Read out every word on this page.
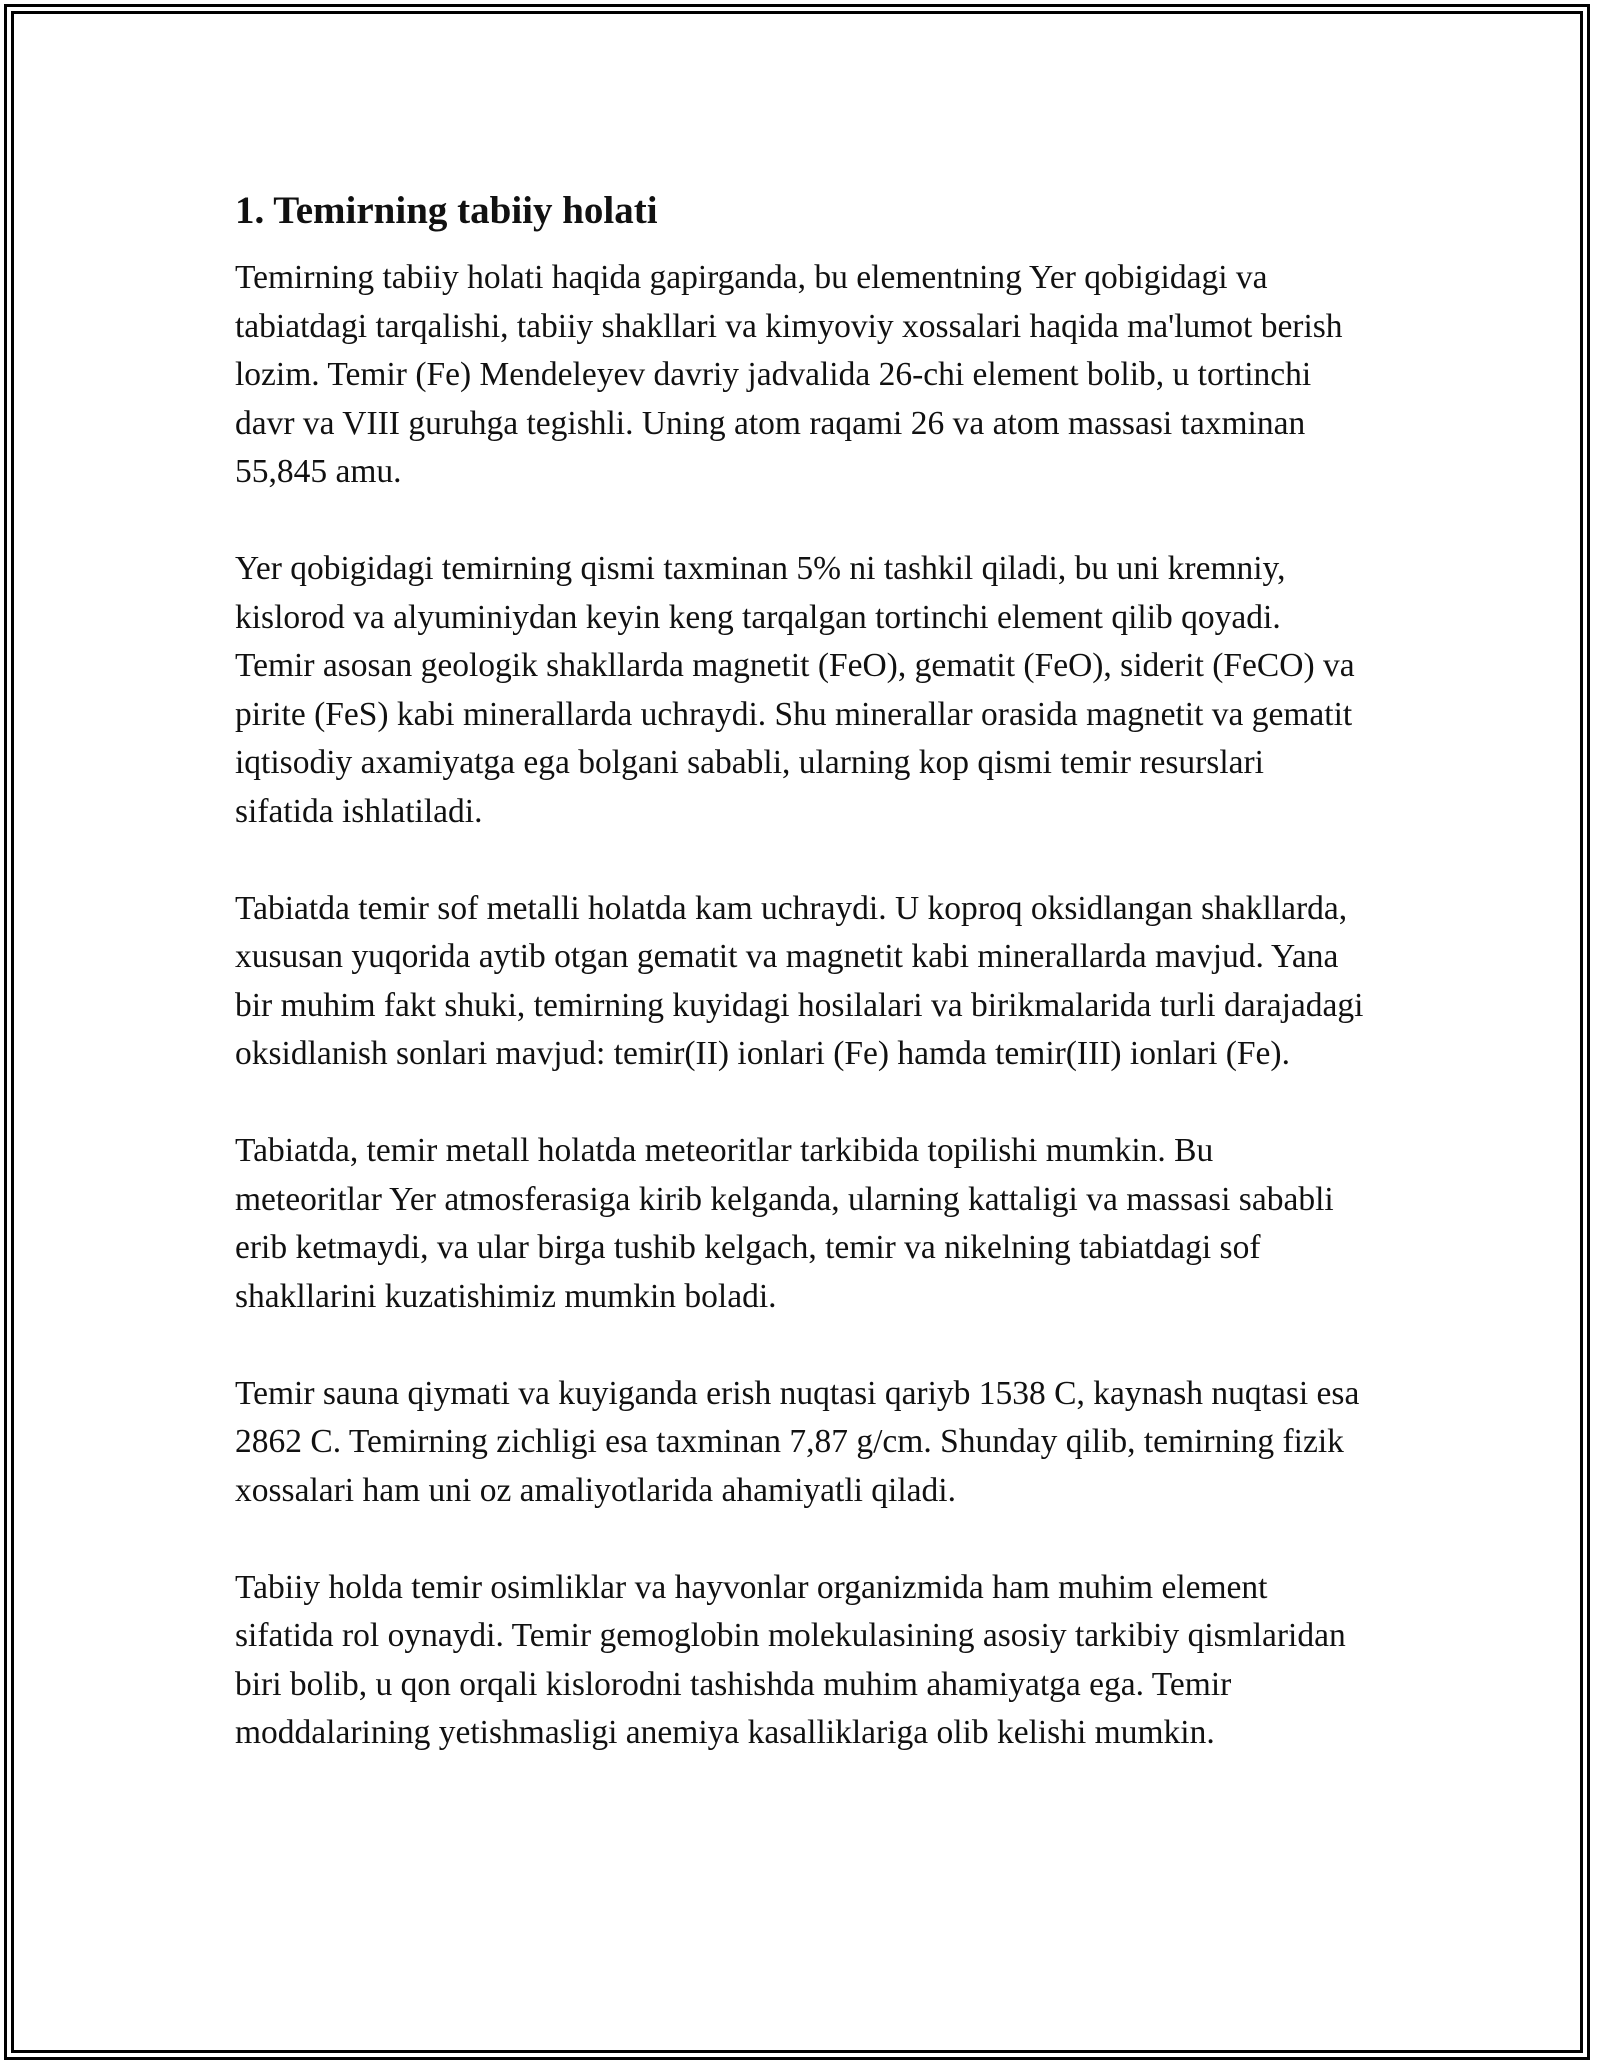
1. Temirning tabiiy holati

Temirning tabiiy holati haqida gapirganda, bu elementning Yer qobigidagi va tabiatdagi tarqalishi, tabiiy shakllari va kimyoviy xossalari haqida ma'lumot berish lozim. Temir (Fe) Mendeleyev davriy jadvalida 26-chi element bolib, u tortinchi davr va VIII guruhga tegishli. Uning atom raqami 26 va atom massasi taxminan 55,845 amu.

Yer qobigidagi temirning qismi taxminan 5% ni tashkil qiladi, bu uni kremniy, kislorod va alyuminiydan keyin keng tarqalgan tortinchi element qilib qoyadi. Temir asosan geologik shakllarda magnetit (FeO), gematit (FeO), siderit (FeCO) va pirite (FeS) kabi minerallarda uchraydi. Shu minerallar orasida magnetit va gematit iqtisodiy axamiyatga ega bolgani sababli, ularning kop qismi temir resurslari sifatida ishlatiladi.

Tabiatda temir sof metalli holatda kam uchraydi. U koproq oksidlangan shakllarda, xususan yuqorida aytib otgan gematit va magnetit kabi minerallarda mavjud. Yana bir muhim fakt shuki, temirning kuyidagi hosilalari va birikmalarida turli darajadagi oksidlanish sonlari mavjud: temir(II) ionlari (Fe) hamda temir(III) ionlari (Fe).

Tabiatda, temir metall holatda meteoritlar tarkibida topilishi mumkin. Bu meteoritlar Yer atmosferasiga kirib kelganda, ularning kattaligi va massasi sababli erib ketmaydi, va ular birga tushib kelgach, temir va nikelning tabiatdagi sof shakllarini kuzatishimiz mumkin boladi.

Temir sauna qiymati va kuyiganda erish nuqtasi qariyb 1538 C, kaynash nuqtasi esa 2862 C. Temirning zichligi esa taxminan 7,87 g/cm. Shunday qilib, temirning fizik xossalari ham uni oz amaliyotlarida ahamiyatli qiladi.

Tabiiy holda temir osimliklar va hayvonlar organizmida ham muhim element sifatida rol oynaydi. Temir gemoglobin molekulasining asosiy tarkibiy qismlaridan biri bolib, u qon orqali kislorodni tashishda muhim ahamiyatga ega. Temir moddalarining yetishmasligi anemiya kasalliklariga olib kelishi mumkin.
